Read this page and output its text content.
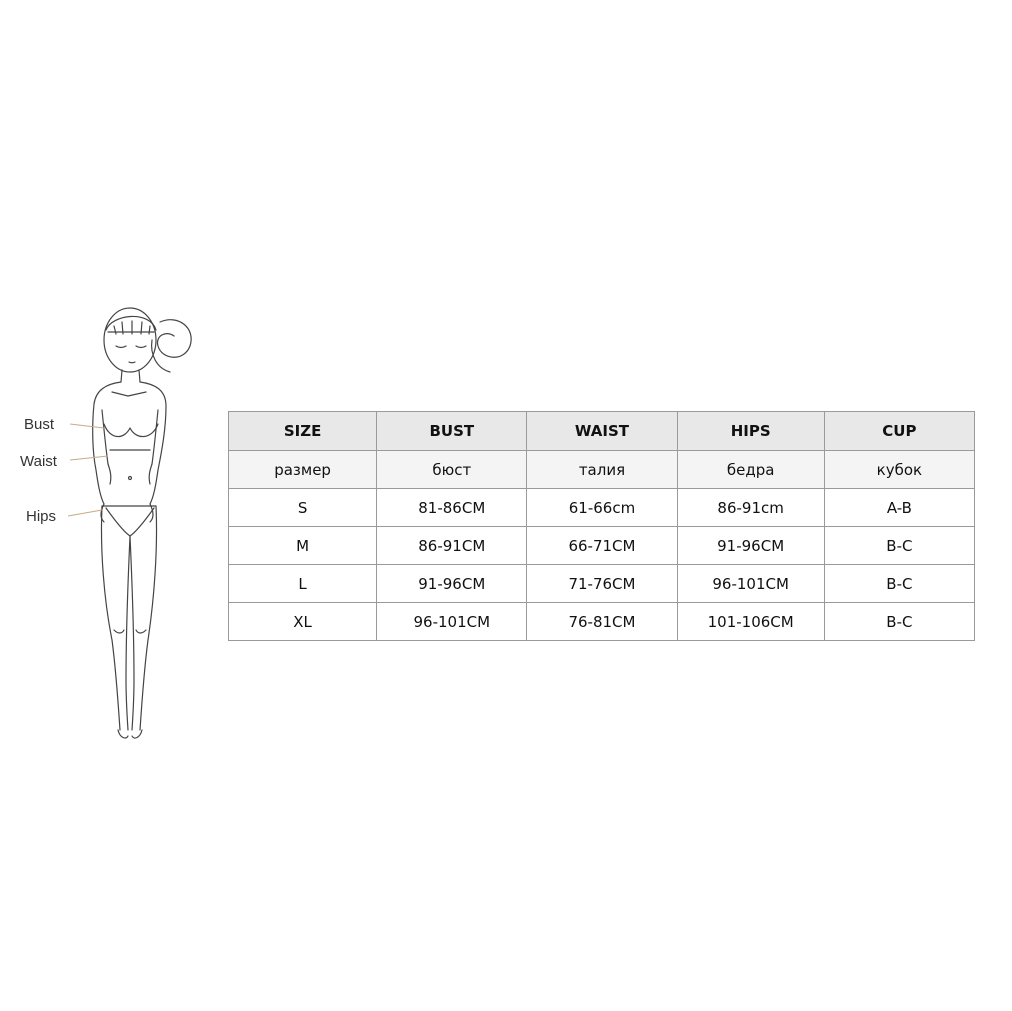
Bust
Waist
Hips
SIZE	BUST	WAIST	HIPS	CUP
размер	бюст	талия	бедра	кубок
S	81-86CM	61-66cm	86-91cm	A-B
M	86-91CM	66-71CM	91-96CM	B-C
L	91-96CM	71-76CM	96-101CM	B-C
XL	96-101CM	76-81CM	101-106CM	B-C
